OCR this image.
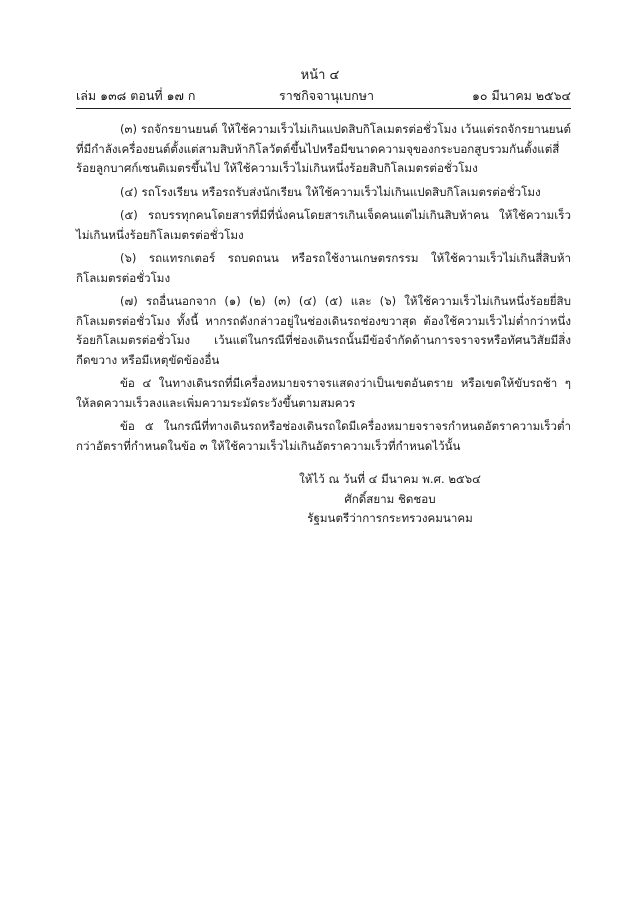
หน้า ๔
เล่ม ๑๓๘ ตอนที่ ๑๗ ก	ราชกิจจานุเบกษา	๑๐ มีนาคม ๒๕๖๔

(๓) รถจักรยานยนต์ ให้ใช้ความเร็วไม่เกินแปดสิบกิโลเมตรต่อชั่วโมง เว้นแต่รถจักรยานยนต์ที่มีกำลังเครื่องยนต์ตั้งแต่สามสิบห้ากิโลวัตต์ขึ้นไปหรือมีขนาดความจุของกระบอกสูบรวมกันตั้งแต่สี่ร้อยลูกบาศก์เซนติเมตรขึ้นไป ให้ใช้ความเร็วไม่เกินหนึ่งร้อยสิบกิโลเมตรต่อชั่วโมง

(๔) รถโรงเรียน หรือรถรับส่งนักเรียน ให้ใช้ความเร็วไม่เกินแปดสิบกิโลเมตรต่อชั่วโมง

(๕) รถบรรทุกคนโดยสารที่มีที่นั่งคนโดยสารเกินเจ็ดคนแต่ไม่เกินสิบห้าคน ให้ใช้ความเร็วไม่เกินหนึ่งร้อยกิโลเมตรต่อชั่วโมง

(๖) รถแทรกเตอร์ รถบดถนน หรือรถใช้งานเกษตรกรรม ให้ใช้ความเร็วไม่เกินสี่สิบห้ากิโลเมตรต่อชั่วโมง

(๗) รถอื่นนอกจาก (๑) (๒) (๓) (๔) (๕) และ (๖) ให้ใช้ความเร็วไม่เกินหนึ่งร้อยยี่สิบกิโลเมตรต่อชั่วโมง ทั้งนี้ หากรถดังกล่าวอยู่ในช่องเดินรถช่องขวาสุด ต้องใช้ความเร็วไม่ต่ำกว่าหนึ่งร้อยกิโลเมตรต่อชั่วโมง เว้นแต่ในกรณีที่ช่องเดินรถนั้นมีข้อจำกัดด้านการจราจรหรือทัศนวิสัยมีสิ่งกีดขวาง หรือมีเหตุขัดข้องอื่น

ข้อ ๔ ในทางเดินรถที่มีเครื่องหมายจราจรแสดงว่าเป็นเขตอันตราย หรือเขตให้ขับรถช้า ๆ ให้ลดความเร็วลงและเพิ่มความระมัดระวังขึ้นตามสมควร

ข้อ ๕ ในกรณีที่ทางเดินรถหรือช่องเดินรถใดมีเครื่องหมายจราจรกำหนดอัตราความเร็วต่ำกว่าอัตราที่กำหนดในข้อ ๓ ให้ใช้ความเร็วไม่เกินอัตราความเร็วที่กำหนดไว้นั้น

ให้ไว้ ณ วันที่ ๔ มีนาคม พ.ศ. ๒๕๖๔
ศักดิ์สยาม ชิดชอบ
รัฐมนตรีว่าการกระทรวงคมนาคม
